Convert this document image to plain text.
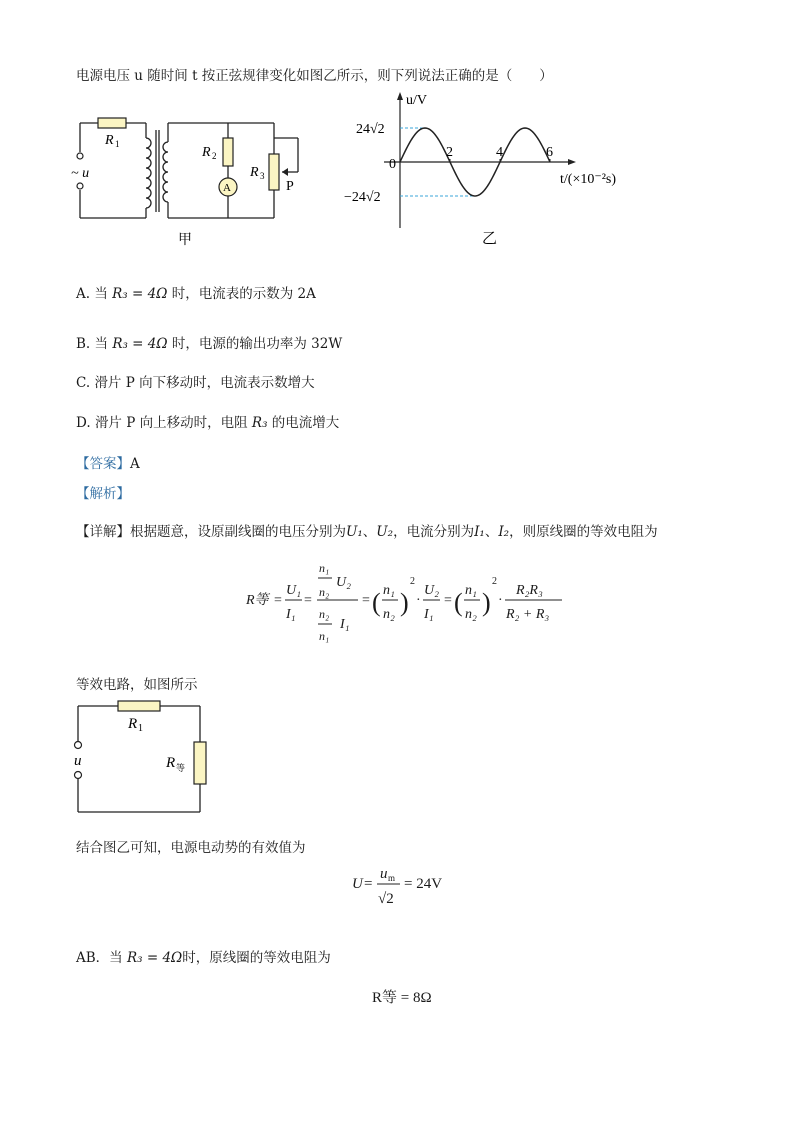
电源电压 u 随时间 t 按正弦规律变化如图乙所示，则下列说法正确的是（　　）
R 1
R 2
R 3
A	P
~ u
甲
2	4	6
u/V
t/(×10⁻²s)
0
24√2
−24√2
乙
A. 当 R₃ = 4Ω 时，电流表的示数为 2A
B. 当 R₃ = 4Ω 时，电源的输出功率为 32W
C. 滑片 P 向下移动时，电流表示数增大
D. 滑片 P 向上移动时，电阻 R₃ 的电流增大
【答案】A
【解析】
【详解】根据题意，设原副线圈的电压分别为U₁、U₂，电流分别为I₁、I₂，则原线圈的等效电阻为
R等 =
U₁
I₁
=
n₁
n₂
U₂
n₂
n₁
I₁
= ( n₁
n₂ )
2
·
U₂
I₁
= ( n₁
n₂ )
2
·
R₂R₃
R₂ + R₃
等效电路，如图所示
R 1
u	R 等
结合图乙可知，电源电动势的有效值为
U =
u m
√2
= 24V
AB．当 R₃ = 4Ω时，原线圈的等效电阻为
R等 = 8Ω
